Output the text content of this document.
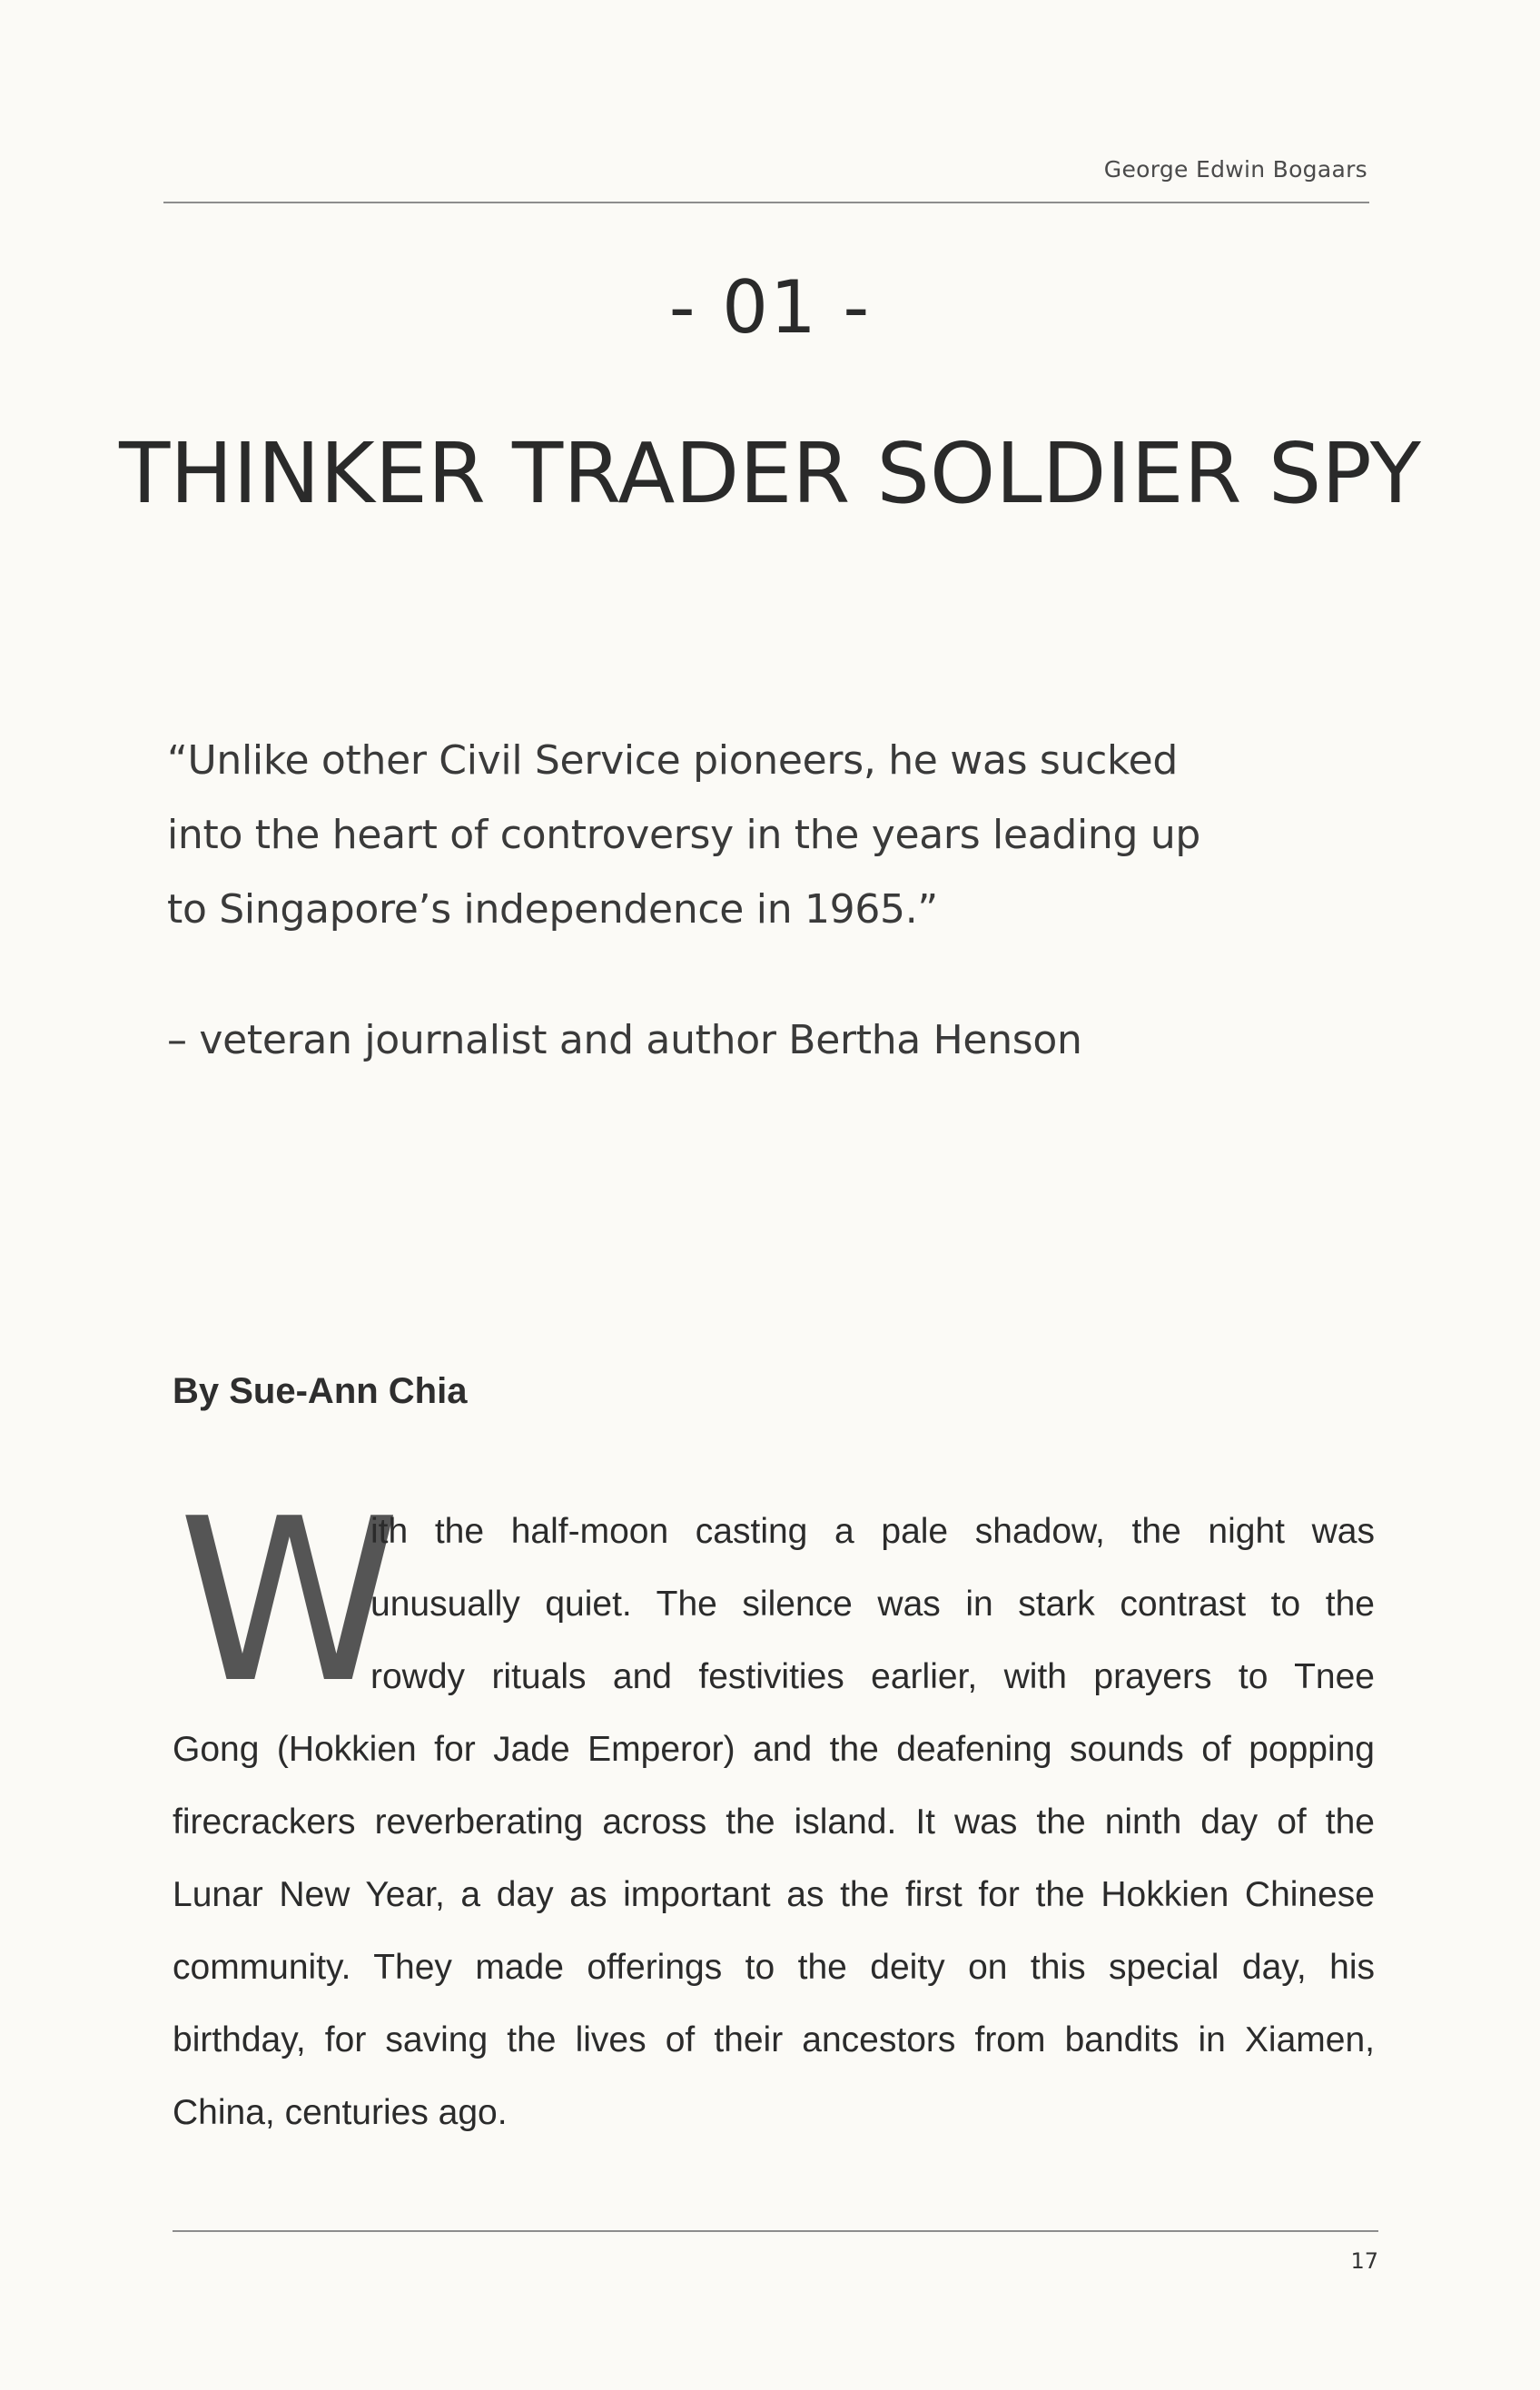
George Edwin Bogaars
- 01 -
THINKER TRADER SOLDIER SPY

“Unlike other Civil Service pioneers, he was sucked
into the heart of controversy in the years leading up
to Singapore’s independence in 1965.”

– veteran journalist and author Bertha Henson

By Sue-Ann Chia

W

ith the half-moon casting a pale shadow, the night was

unusually quiet. The silence was in stark contrast to the

rowdy rituals and festivities earlier, with prayers to Tnee

Gong (Hokkien for Jade Emperor) and the deafening sounds of popping

firecrackers reverberating across the island. It was the ninth day of the

Lunar New Year, a day as important as the first for the Hokkien Chinese

community. They made offerings to the deity on this special day, his

birthday, for saving the lives of their ancestors from bandits in Xiamen,

China, centuries ago.

17
